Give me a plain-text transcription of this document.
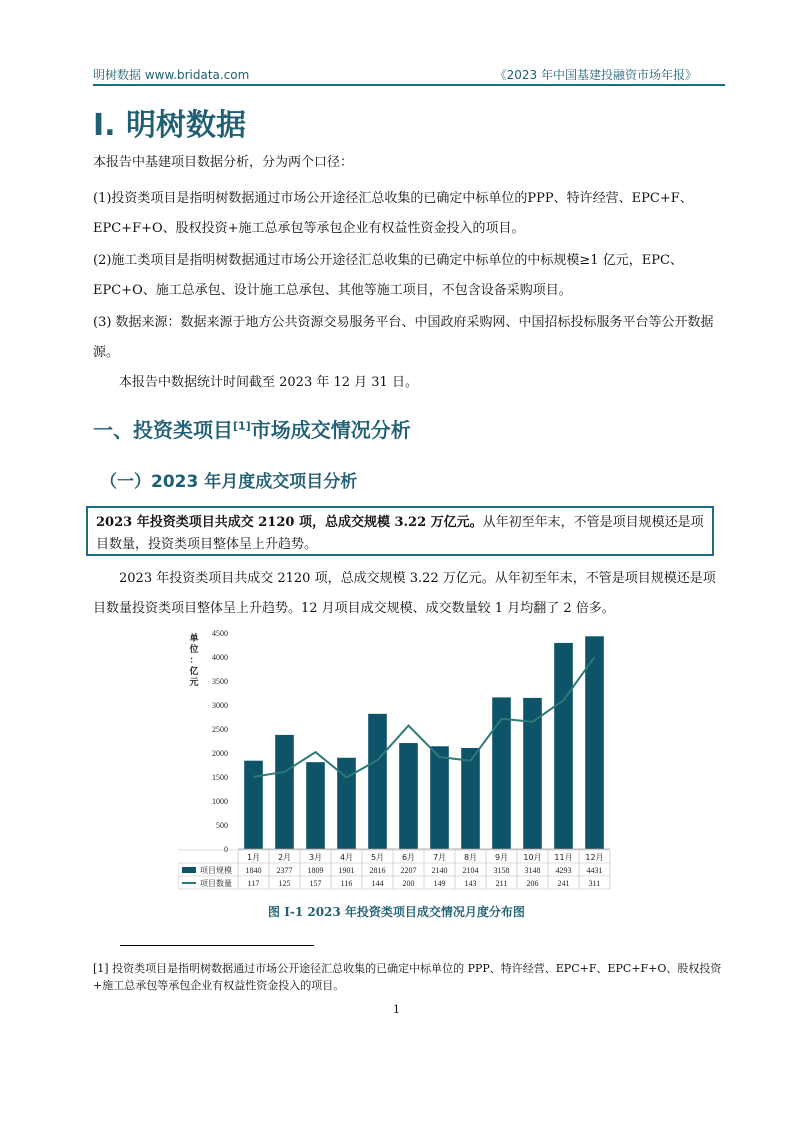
明树数据 www.bridata.com	《2023 年中国基建投融资市场年报》
I. 明树数据

本报告中基建项目数据分析，分为两个口径：

(1)投资类项目是指明树数据通过市场公开途径汇总收集的已确定中标单位的PPP、特许经营、EPC+F、EPC+F+O、股权投资+施工总承包等承包企业有权益性资金投入的项目。

(2)施工类项目是指明树数据通过市场公开途径汇总收集的已确定中标单位的中标规模≥1 亿元，EPC、EPC+O、施工总承包、设计施工总承包、其他等施工项目，不包含设备采购项目。

(3) 数据来源：数据来源于地方公共资源交易服务平台、中国政府采购网、中国招标投标服务平台等公开数据源。

本报告中数据统计时间截至 2023 年 12 月 31 日。

一、投资类项目[1]市场成交情况分析
（一）2023 年月度成交项目分析
2023 年投资类项目共成交 2120 项，总成交规模 3.22 万亿元。从年初至年末，不管是项目规模还是项目数量，投资类项目整体呈上升趋势。

2023 年投资类项目共成交 2120 项，总成交规模 3.22 万亿元。从年初至年末，不管是项目规模还是项目数量投资类项目整体呈上升趋势。12 月项目成交规模、成交数量较 1 月均翻了 2 倍多。

0
500
1000
1500
2000
2500
3000
3500
4000
4500
单
位
：
亿
元
1月 2月 3月 4月 5月 6月 7月 8月 9月 10月 11月 12月
项目规模
项目数量
1840 2377 1809 1901 2816 2207 2140 2104 3158 3148 4293 4431
117 125 157 116 144 200 149 143 211 206 241 311
图 I-1 2023 年投资类项目成交情况月度分布图
[1] 投资类项目是指明树数据通过市场公开途径汇总收集的已确定中标单位的 PPP、特许经营、EPC+F、EPC+F+O、股权投资+施工总承包等承包企业有权益性资金投入的项目。
1
